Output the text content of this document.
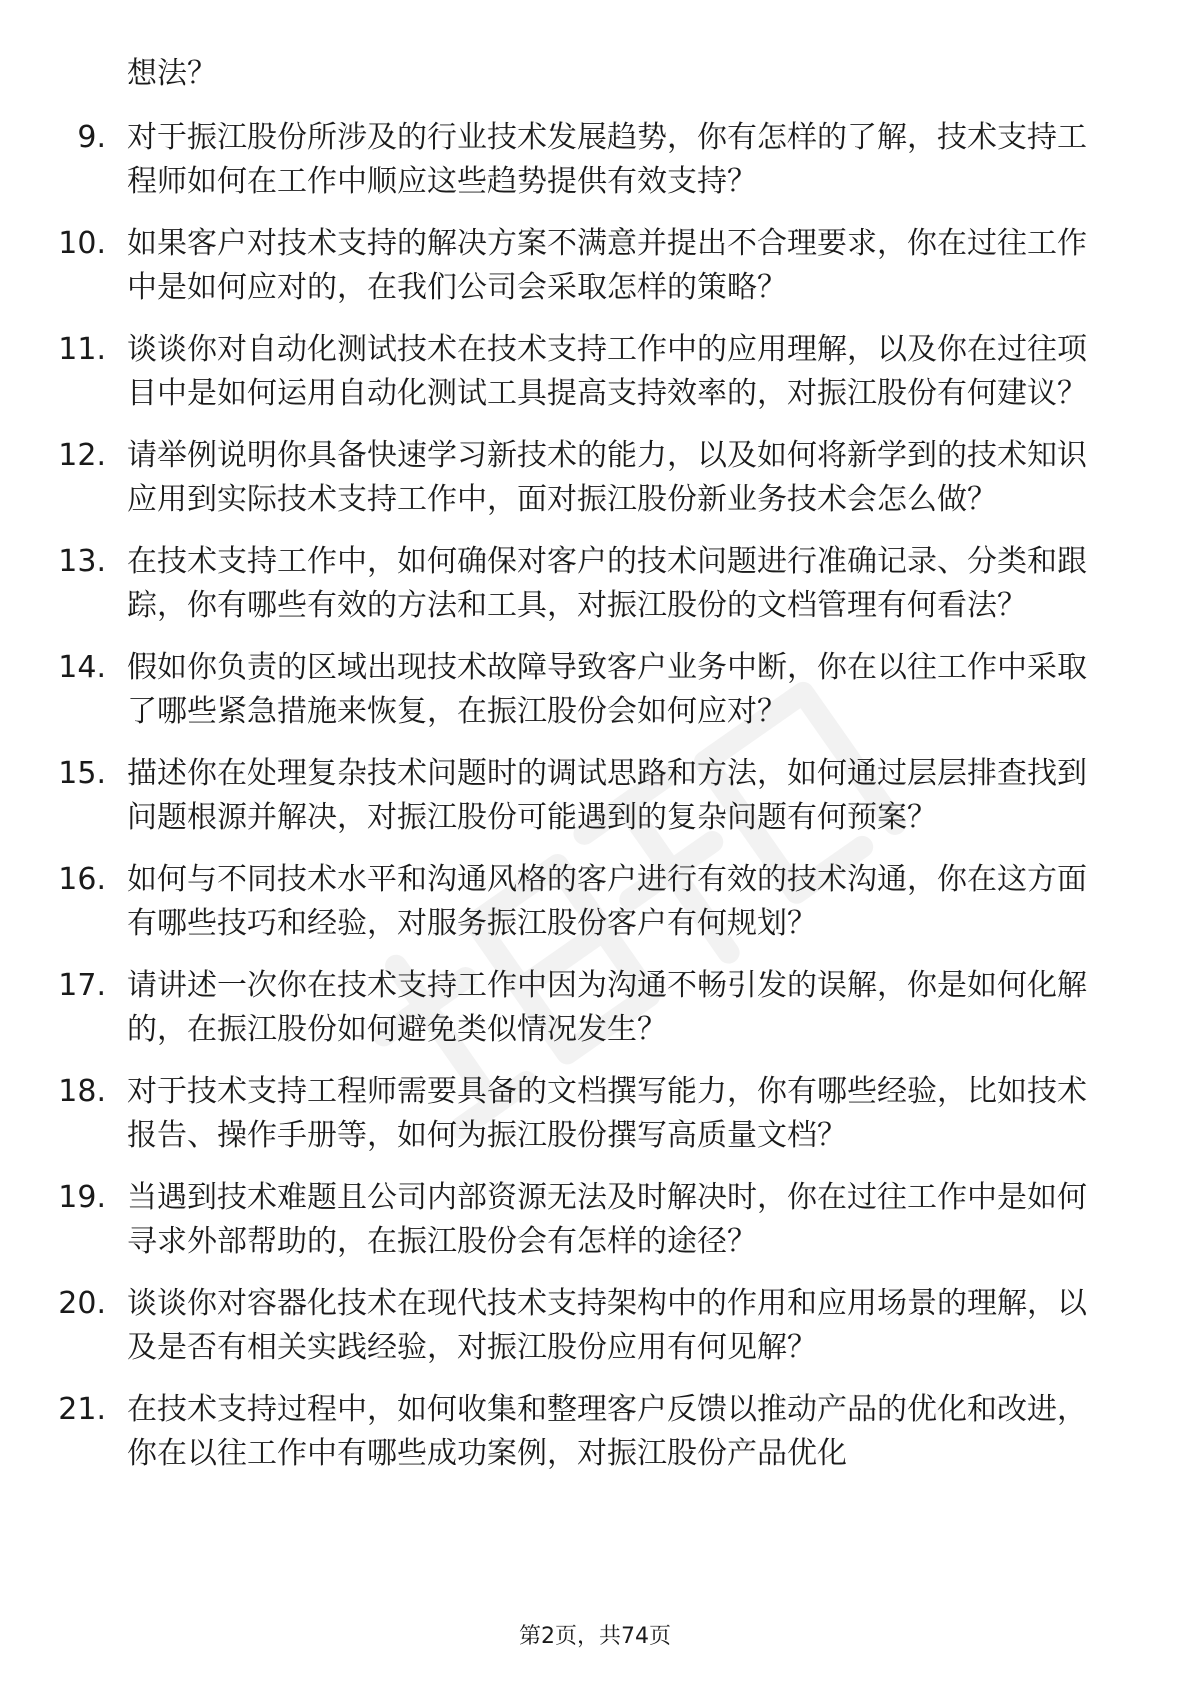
想法？
9. 对于振江股份所涉及的行业技术发展趋势，你有怎样的了解，技术支持工程师如何在工作中顺应这些趋势提供有效支持？
10. 如果客户对技术支持的解决方案不满意并提出不合理要求，你在过往工作中是如何应对的，在我们公司会采取怎样的策略？
11. 谈谈你对自动化测试技术在技术支持工作中的应用理解，以及你在过往项目中是如何运用自动化测试工具提高支持效率的，对振江股份有何建议？
12. 请举例说明你具备快速学习新技术的能力，以及如何将新学到的技术知识应用到实际技术支持工作中，面对振江股份新业务技术会怎么做？
13. 在技术支持工作中，如何确保对客户的技术问题进行准确记录、分类和跟踪，你有哪些有效的方法和工具，对振江股份的文档管理有何看法？
14. 假如你负责的区域出现技术故障导致客户业务中断，你在以往工作中采取了哪些紧急措施来恢复，在振江股份会如何应对？
15. 描述你在处理复杂技术问题时的调试思路和方法，如何通过层层排查找到问题根源并解决，对振江股份可能遇到的复杂问题有何预案？
16. 如何与不同技术水平和沟通风格的客户进行有效的技术沟通，你在这方面有哪些技巧和经验，对服务振江股份客户有何规划？
17. 请讲述一次你在技术支持工作中因为沟通不畅引发的误解，你是如何化解的，在振江股份如何避免类似情况发生？
18. 对于技术支持工程师需要具备的文档撰写能力，你有哪些经验，比如技术报告、操作手册等，如何为振江股份撰写高质量文档？
19. 当遇到技术难题且公司内部资源无法及时解决时，你在过往工作中是如何寻求外部帮助的，在振江股份会有怎样的途径？
20. 谈谈你对容器化技术在现代技术支持架构中的作用和应用场景的理解，以及是否有相关实践经验，对振江股份应用有何见解？
21. 在技术支持过程中，如何收集和整理客户反馈以推动产品的优化和改进，你在以往工作中有哪些成功案例，对振江股份产品优化
第2页，共74页
